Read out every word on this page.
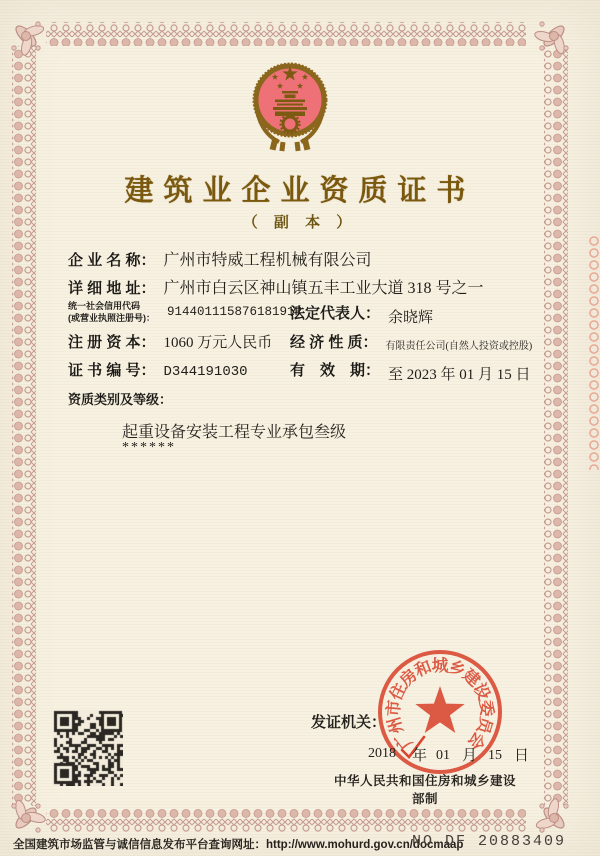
建筑业企业资质证书
（ 副 本 ）
企 业 名 称： 广州市特威工程机械有限公司
详 细 地 址： 广州市白云区神山镇五丰工业大道 318 号之一
统一社会信用代码
(或营业执照注册号)： 91440111587618191R
法定代表人： 余晓辉
注 册 资 本： 1060 万元人民币 经 济 性 质： 有限责任公司(自然人投资或控股)
证 书 编 号： D344191030	有　效　期： 至 2023 年 01 月 15 日
资质类别及等级：
起重设备安装工程专业承包叁级
******
发证机关：
广
州
市
住
房
和
城
乡
建
设
委
员
会
2018 年 01 月 15 日
中华人民共和国住房和城乡建设部制
全国建筑市场监管与诚信信息发布平台查询网址：http://www.mohurd.gov.cn/docmaap
NO.DF 20883409
